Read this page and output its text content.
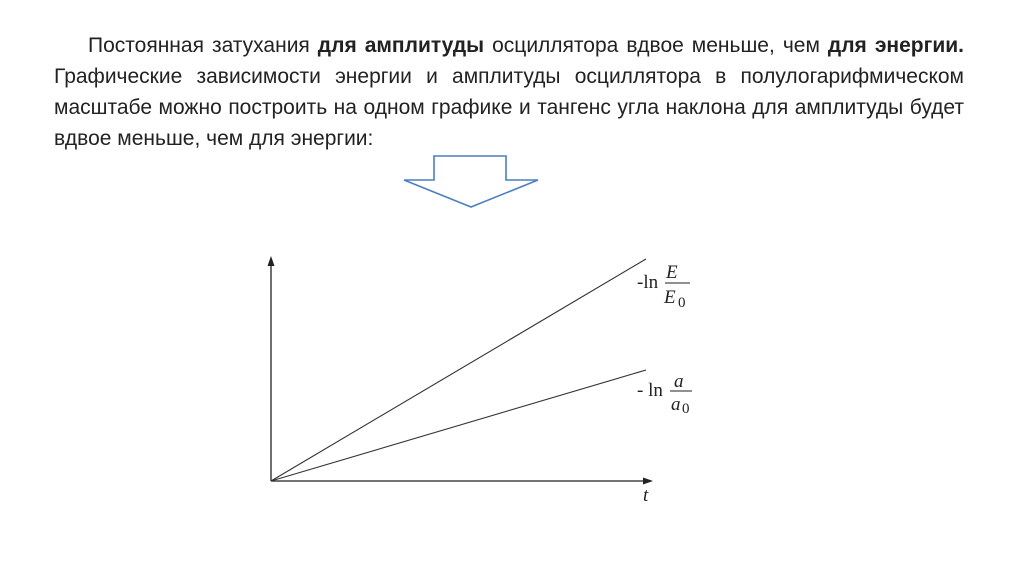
Постоянная затухания для амплитуды осциллятора вдвое меньше, чем для энергии. Графические зависимости энергии и амплитуды осциллятора в полулогарифмическом масштабе можно построить на одном графике и тангенс угла наклона для амплитуды будет вдвое меньше, чем для энергии:
t
-ln E
E 0
- ln a
a 0
